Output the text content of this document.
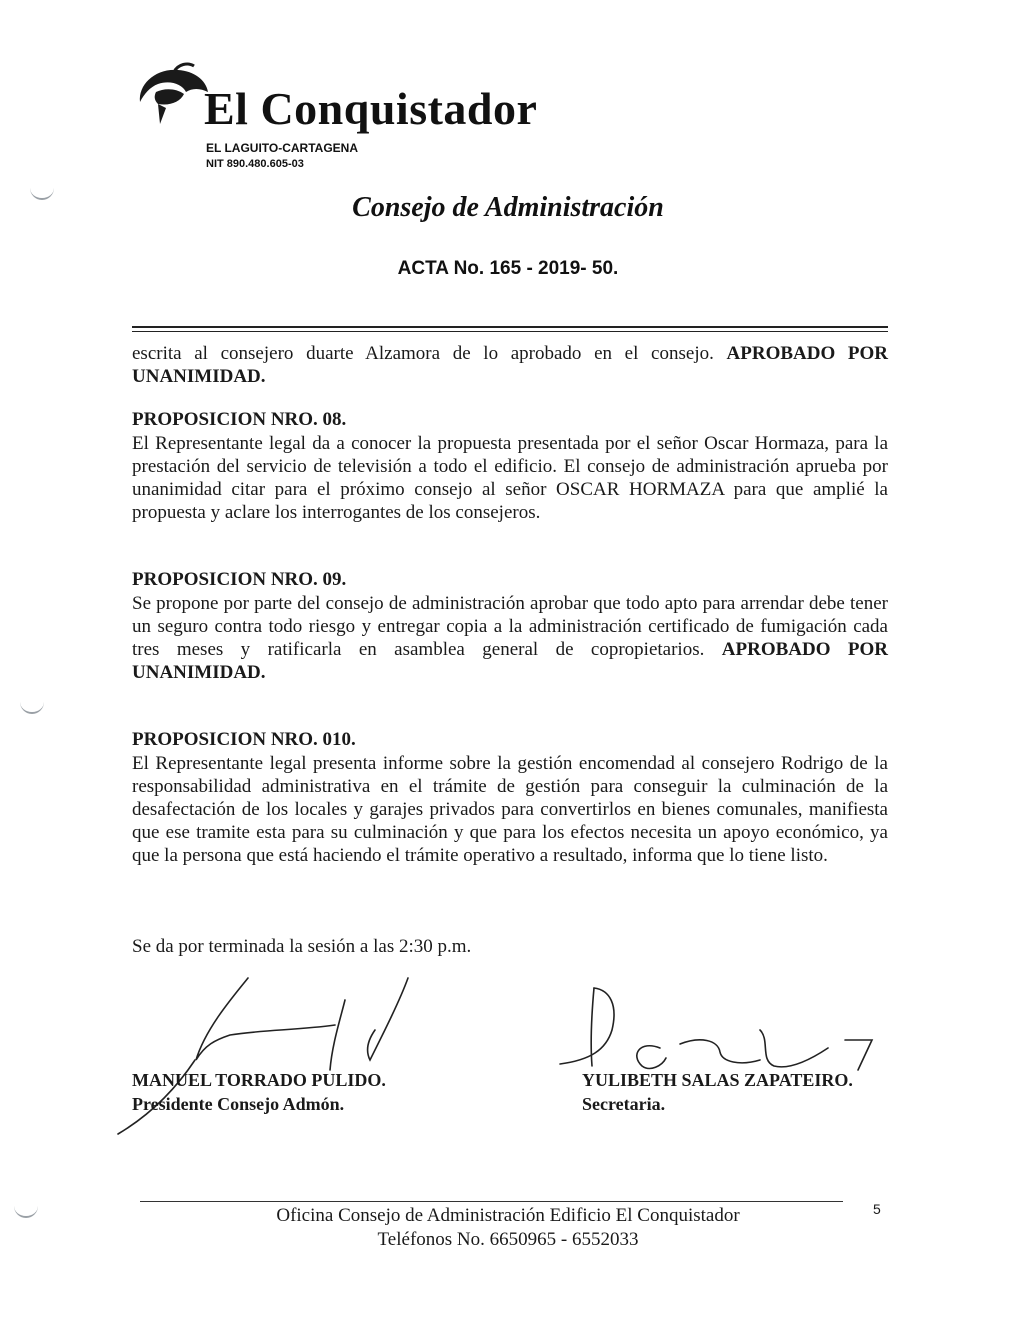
El Conquistador
EL LAGUITO-CARTAGENA
NIT 890.480.605-03
Consejo de Administración
ACTA No. 165 - 2019- 50.
escrita al consejero duarte Alzamora de lo aprobado en el consejo. APROBADO POR UNANIMIDAD.
PROPOSICION NRO. 08.
El Representante legal da a conocer la propuesta presentada por el señor Oscar Hormaza, para la prestación del servicio de televisión a todo el edificio. El consejo de administración aprueba por unanimidad citar para el próximo consejo al señor OSCAR HORMAZA para que amplié la propuesta y aclare los interrogantes de los consejeros.
PROPOSICION NRO. 09.
Se propone por parte del consejo de administración aprobar que todo apto para arrendar debe tener un seguro contra todo riesgo y entregar copia a la administración certificado de fumigación cada tres meses y ratificarla en asamblea general de copropietarios. APROBADO POR UNANIMIDAD.
PROPOSICION NRO. 010.
El Representante legal presenta informe sobre la gestión encomendad al consejero Rodrigo de la responsabilidad administrativa en el trámite de gestión para conseguir la culminación de la desafectación de los locales y garajes privados para convertirlos en bienes comunales, manifiesta que ese tramite esta para su culminación y que para los efectos necesita un apoyo económico, ya que la persona que está haciendo el trámite operativo a resultado, informa que lo tiene listo.
Se da por terminada la sesión a las 2:30 p.m.
MANUEL TORRADO PULIDO.
Presidente Consejo Admón.
YULIBETH SALAS ZAPATEIRO.
Secretaria.
Oficina Consejo de Administración Edificio El Conquistador
Teléfonos No. 6650965 - 6552033
5
